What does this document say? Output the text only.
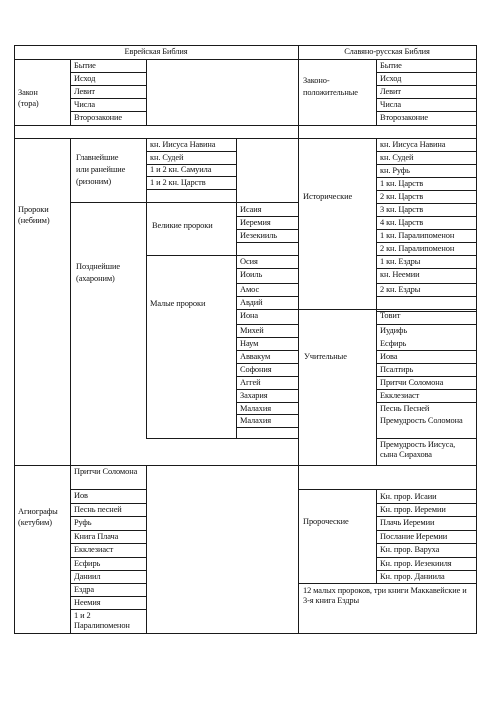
Еврейская Библия	Славяно-русская Библия
Закон
(тора)
Бытие
Исход
Левит
Числа
Второзаконие
Пророки
(небиим)
Главнейшие
или ранейшие
(ризоним)
кн. Иисуса Навина
кн. Судей
1 и 2 кн. Самуила
1 и 2 кн. Царств
Позднейшие
(ахароним)
Великие пророки
Исаия
Иеремия
Иезекииль
Малые пророки
Осия
Иоиль
Амос
Авдий
Иона
Михей
Наум
Аввакум
Софония
Аггей
Захария
Малахия
Малахия
Агиографы
(кетубим)
Притчи Соломона
Иов
Песнь песней
Руфь
Книга Плача
Екклезиаст
Есфирь
Даниил
Ездра
Неемия
1 и 2 Паралипоменон
Законо-
положительные
Бытие
Исход
Левит
Числа
Второзаконие
Исторические
кн. Иисуса Навина
кн. Судей
кн. Руфь
1 кн. Царств
2 кн. Царств
3 кн. Царств
4 кн. Царств
1 кн. Паралипоменон
2 кн. Паралипоменон
1 кн. Ездры
кн. Неемии
2 кн. Ездры
Товит
Иудифь
Есфирь
Учительные	Иова
Псалтирь
Притчи Соломона
Екклезиаст
Песнь Песней
Премудрость Соломона
Премудрость Иисуса, сына Сирахова
Пророческие
Кн. прор. Исаии
Кн. прор. Иеремии
Плачь Иеремии
Послание Иеремии
Кн. прор. Варуха
Кн. прор. Иезекииля
Кн. прор. Даниила
12 малых пророков, три книги Маккавейские и 3-я книга Ездры
